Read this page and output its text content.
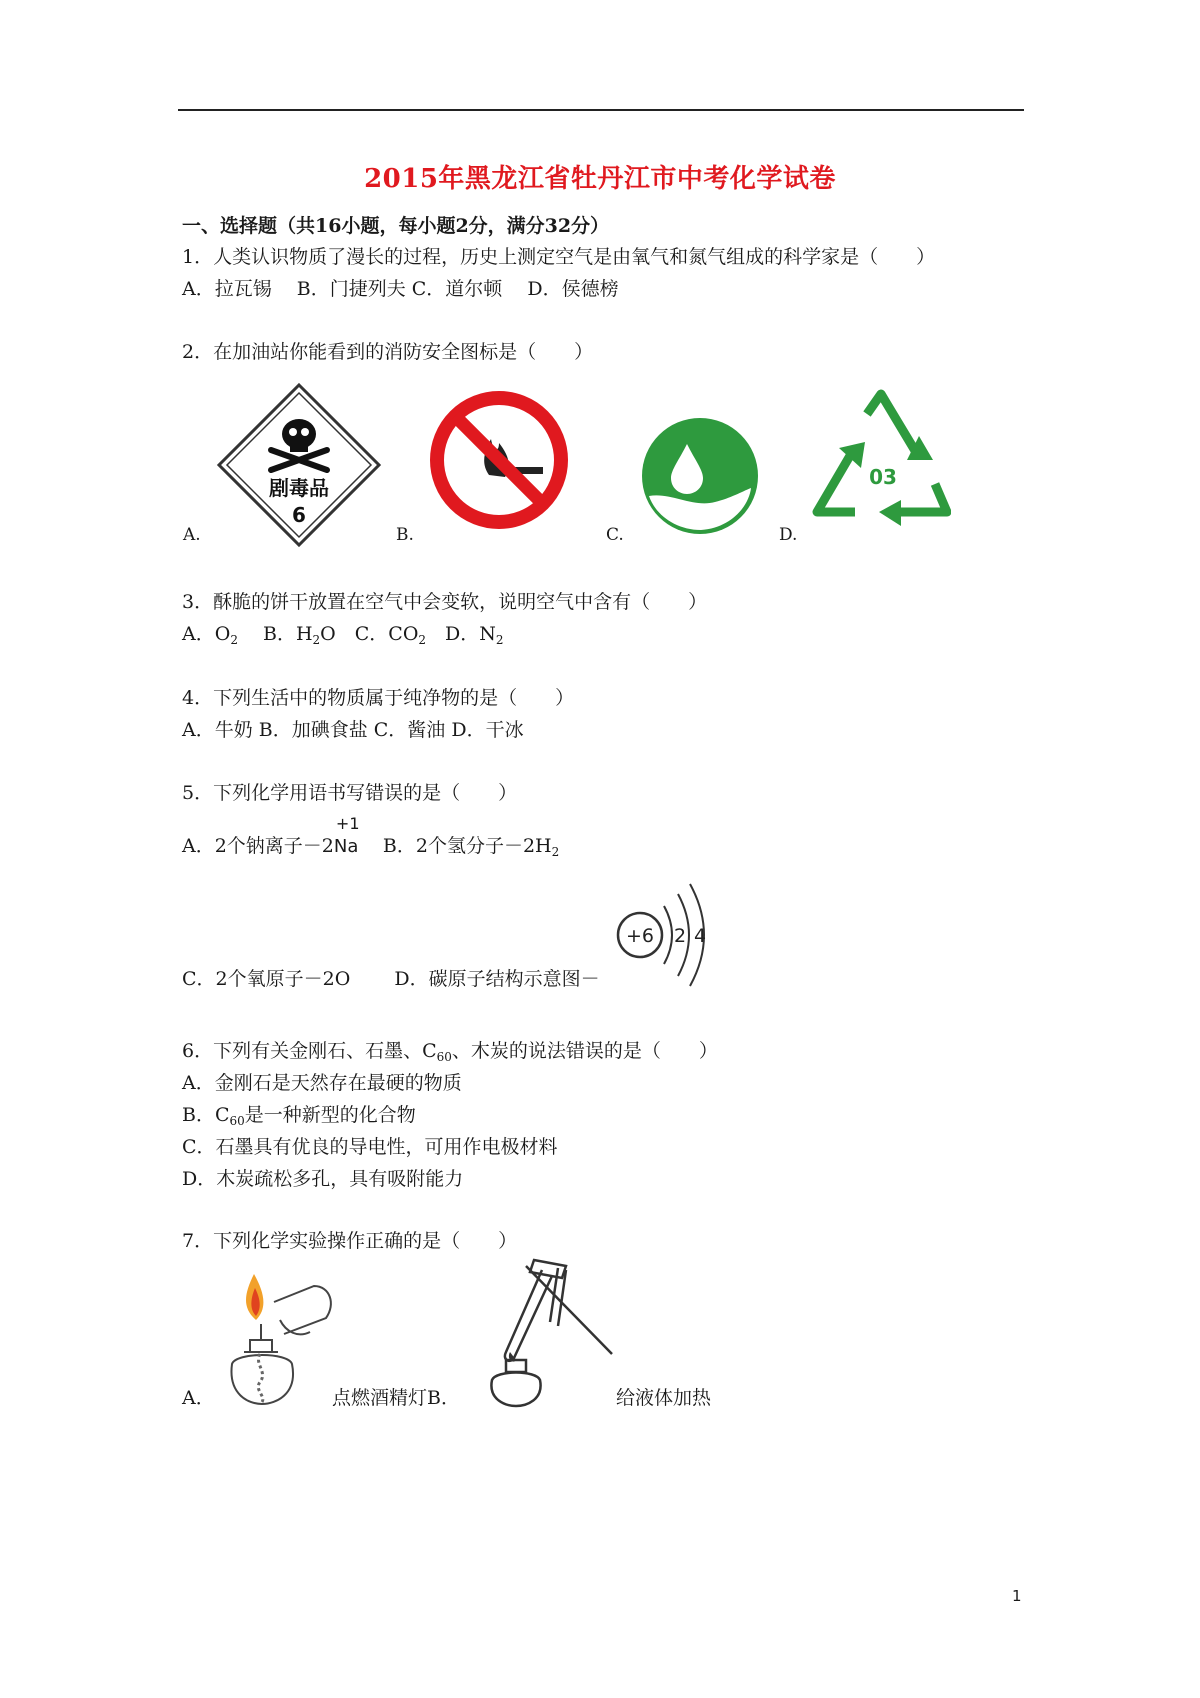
2015年黑龙江省牡丹江市中考化学试卷
一、选择题（共16小题，每小题2分，满分32分）
1．人类认识物质了漫长的过程，历史上测定空气是由氧气和氮气组成的科学家是（　　）
A．拉瓦锡　 B．门捷列夫 C．道尔顿　 D．侯德榜
2．在加油站你能看到的消防安全图标是（　　）
A.	B.	C.	D.
剧毒品
6
03
3．酥脆的饼干放置在空气中会变软，说明空气中含有（　　）
A．$O_2$　 B．$H_2O$　C．$CO_2$　D．$N_2$
4．下列生活中的物质属于纯净物的是（　　）
A．牛奶 B．加碘食盐 C．酱油 D．干冰
5．下列化学用语书写错误的是（　　）
A．2个钠离子－2
+1
Na　 B．2个氢分子$-2H_2$
C．2个氧原子－2O　　 D．碳原子结构示意图－
+6 2 4
6．下列有关金刚石、石墨、$C_{60}$、木炭的说法错误的是（　　）
A．金刚石是天然存在最硬的物质
B．$C_{60}$是一种新型的化合物
C．石墨具有优良的导电性，可用作电极材料
D．木炭疏松多孔，具有吸附能力
7．下列化学实验操作正确的是（　　）
A．	点燃酒精灯B．	给液体加热
1
